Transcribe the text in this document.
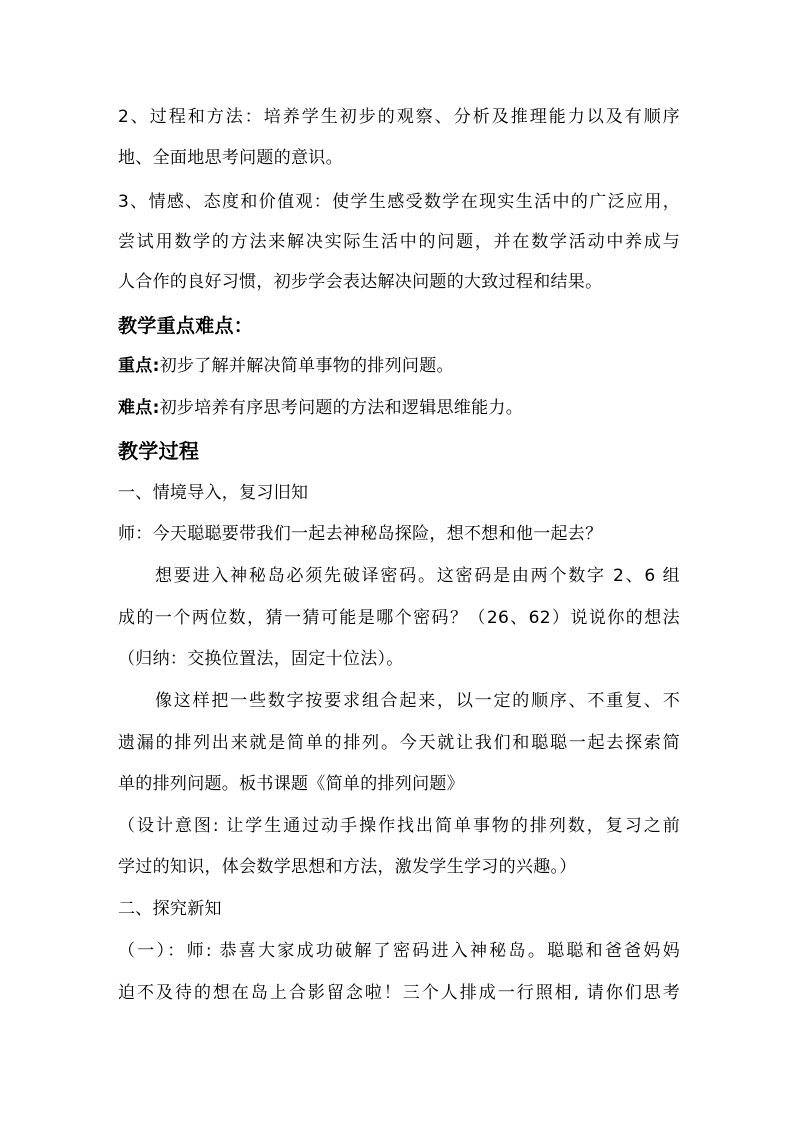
2、过程和方法：培养学生初步的观察、分析及推理能力以及有顺序
地、全面地思考问题的意识。
3、情感、态度和价值观：使学生感受数学在现实生活中的广泛应用，
尝试用数学的方法来解决实际生活中的问题，并在数学活动中养成与
人合作的良好习惯，初步学会表达解决问题的大致过程和结果。
教学重点难点：
重点:初步了解并解决简单事物的排列问题。
难点:初步培养有序思考问题的方法和逻辑思维能力。
教学过程
一、情境导入，复习旧知
师：今天聪聪要带我们一起去神秘岛探险，想不想和他一起去？
想要进入神秘岛必须先破译密码。这密码是由两个数字 2、6 组
成的一个两位数，猜一猜可能是哪个密码？（26、62）说说你的想法
（归纳：交换位置法，固定十位法）。
像这样把一些数字按要求组合起来，以一定的顺序、不重复、不
遗漏的排列出来就是简单的排列。今天就让我们和聪聪一起去探索简
单的排列问题。板书课题《简单的排列问题》
（设计意图: 让学生通过动手操作找出简单事物的排列数，复习之前
学过的知识，体会数学思想和方法，激发学生学习的兴趣。）
二、探究新知
（一）：师: 恭喜大家成功破解了密码进入神秘岛。聪聪和爸爸妈妈
迫不及待的想在岛上合影留念啦！三个人排成一行照相, 请你们思考
